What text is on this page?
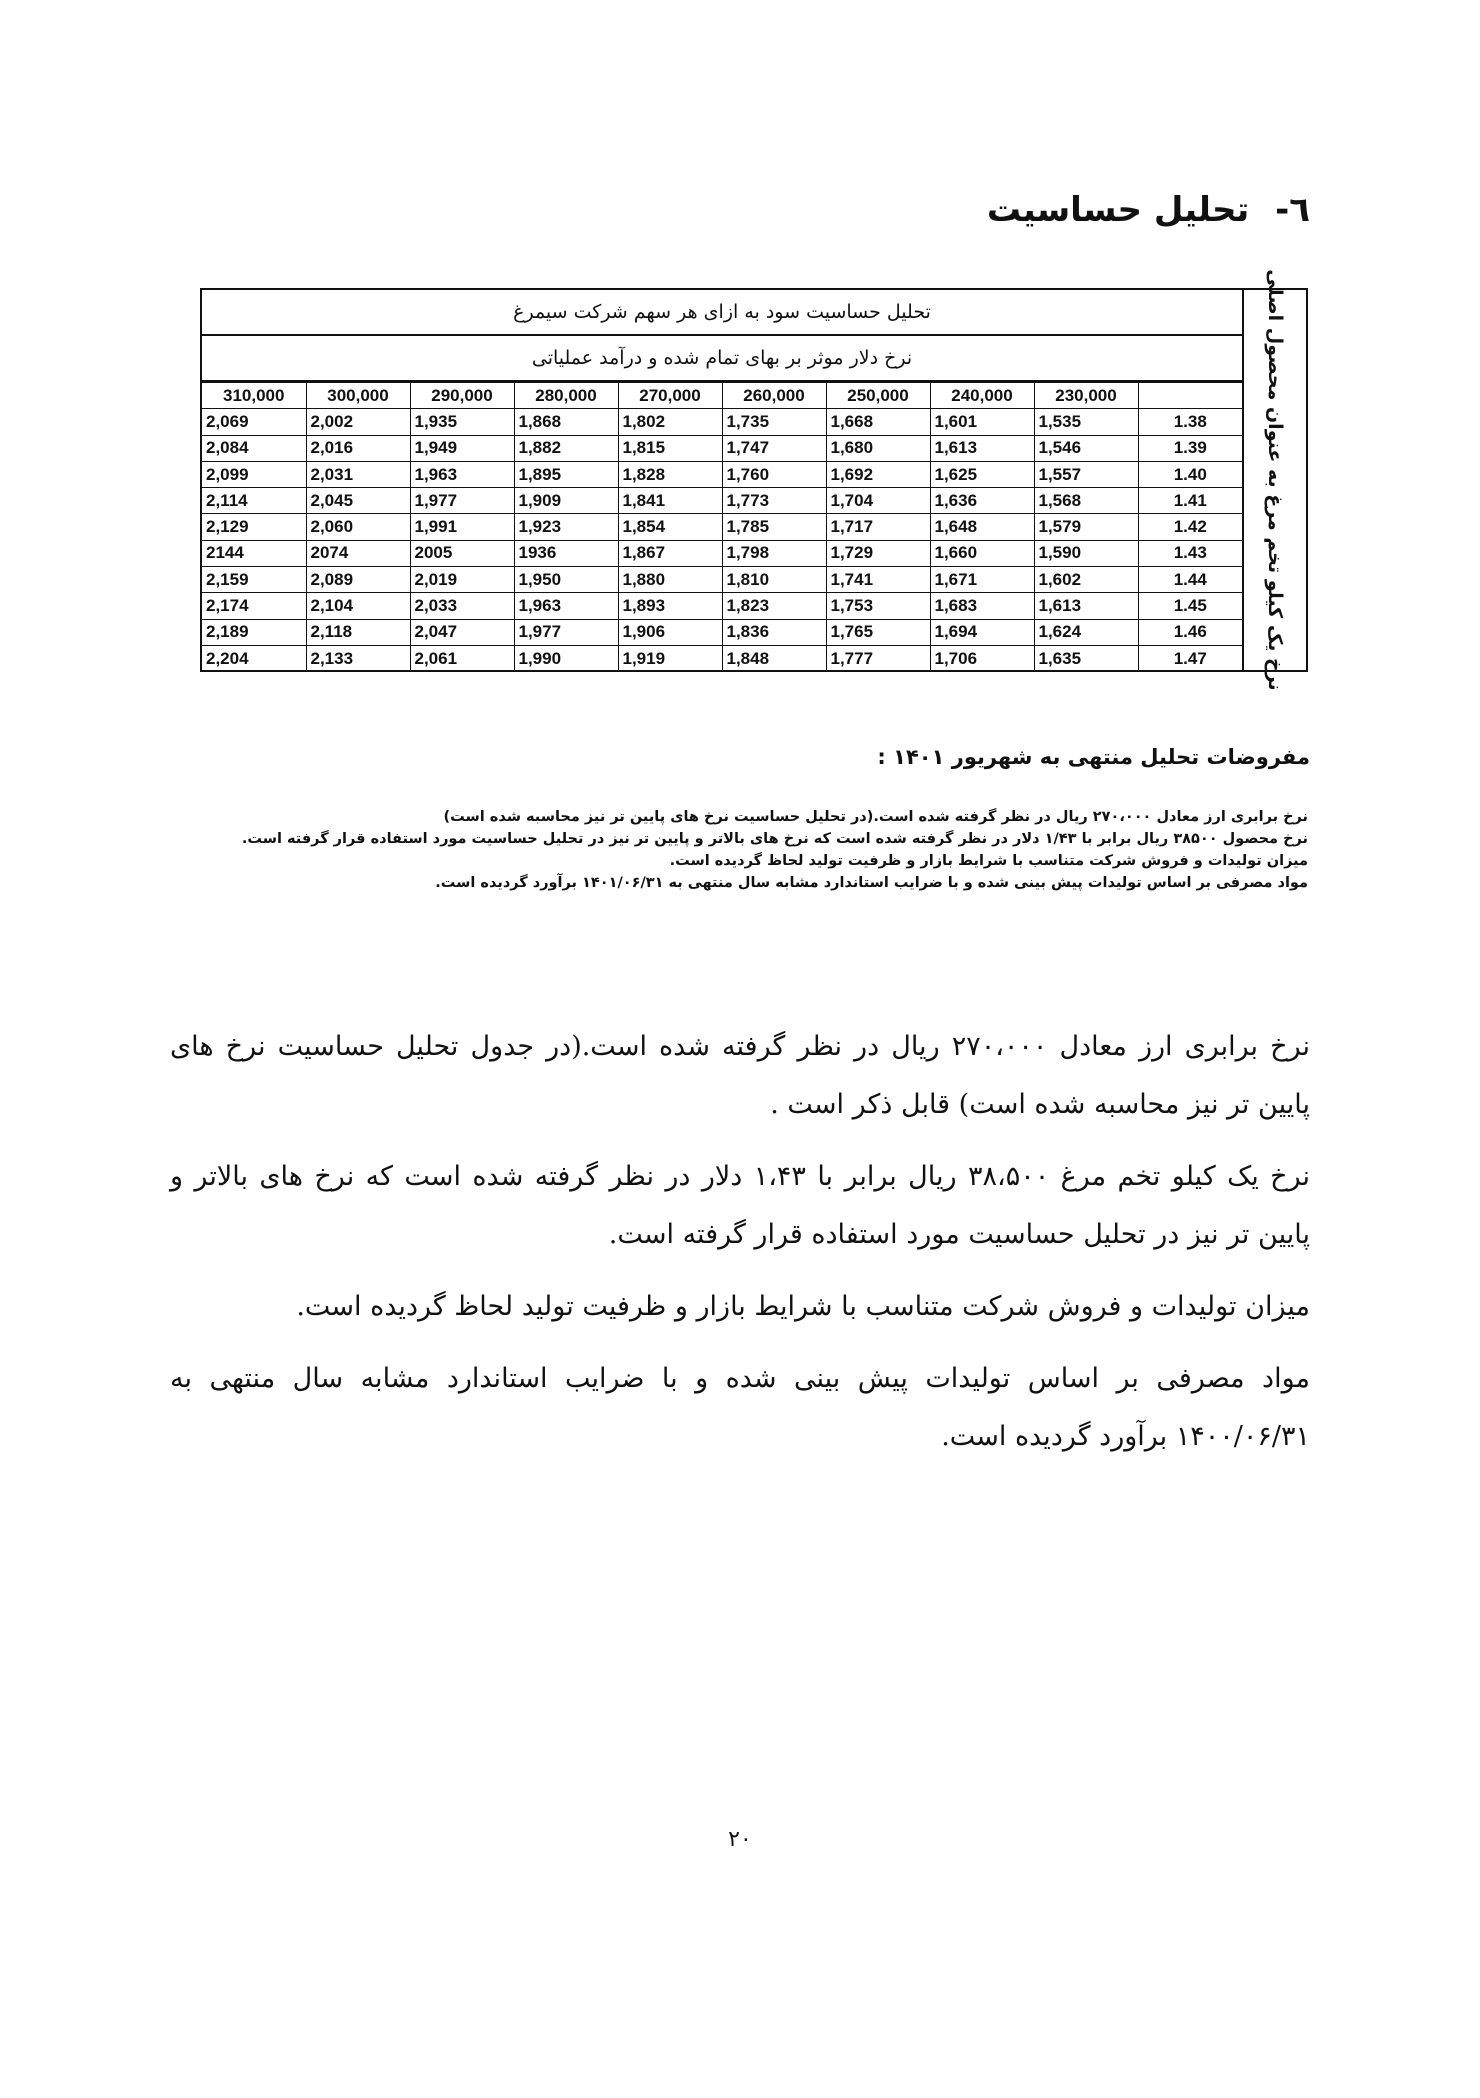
٦- تحلیل حساسیت
نرخ یک کیلو تخم مرغ به عنوان محصول اصلی
تحلیل حساسیت سود به ازای هر سهم شرکت سیمرغ
نرخ دلار موثر بر بهای تمام شده و درآمد عملیاتی
310,000	300,000	290,000	280,000	270,000	260,000	250,000	240,000	230,000	
2,069	2,002	1,935	1,868	1,802	1,735	1,668	1,601	1,535	1.38
2,084	2,016	1,949	1,882	1,815	1,747	1,680	1,613	1,546	1.39
2,099	2,031	1,963	1,895	1,828	1,760	1,692	1,625	1,557	1.40
2,114	2,045	1,977	1,909	1,841	1,773	1,704	1,636	1,568	1.41
2,129	2,060	1,991	1,923	1,854	1,785	1,717	1,648	1,579	1.42
2144	2074	2005	1936	1,867	1,798	1,729	1,660	1,590	1.43
2,159	2,089	2,019	1,950	1,880	1,810	1,741	1,671	1,602	1.44
2,174	2,104	2,033	1,963	1,893	1,823	1,753	1,683	1,613	1.45
2,189	2,118	2,047	1,977	1,906	1,836	1,765	1,694	1,624	1.46
2,204	2,133	2,061	1,990	1,919	1,848	1,777	1,706	1,635	1.47
مفروضات تحلیل منتهی به شهریور ۱۴۰۱ :

نرخ برابری ارز معادل ۲۷۰،۰۰۰ ریال در نظر گرفته شده است.(در تحلیل حساسیت نرخ های پایین تر نیز محاسبه شده است)

نرخ محصول ۳۸۵۰۰ ریال برابر با ۱/۴۳ دلار در نظر گرفته شده است که نرخ های بالاتر و پایین تر نیز در تحلیل حساسیت مورد استفاده قرار گرفته است.

میزان تولیدات و فروش شرکت متناسب با شرایط بازار و ظرفیت تولید لحاظ گردیده است.

مواد مصرفی بر اساس تولیدات پیش بینی شده و با ضرایب استاندارد مشابه سال منتهی به ۱۴۰۱/۰۶/۳۱ برآورد گردیده است.

نرخ برابری ارز معادل ۲۷۰،۰۰۰ ریال در نظر گرفته شده است.(در جدول تحلیل حساسیت نرخ های پایین تر نیز محاسبه شده است) قابل ذکر است .

نرخ یک کیلو تخم مرغ ۳۸،۵۰۰ ریال برابر با ۱،۴۳ دلار در نظر گرفته شده است که نرخ های بالاتر و پایین تر نیز در تحلیل حساسیت مورد استفاده قرار گرفته است.

میزان تولیدات و فروش شرکت متناسب با شرایط بازار و ظرفیت تولید لحاظ گردیده است.

مواد مصرفی بر اساس تولیدات پیش بینی شده و با ضرایب استاندارد مشابه سال منتهی به ۱۴۰۰/۰۶/۳۱ برآورد گردیده است.

۲۰
